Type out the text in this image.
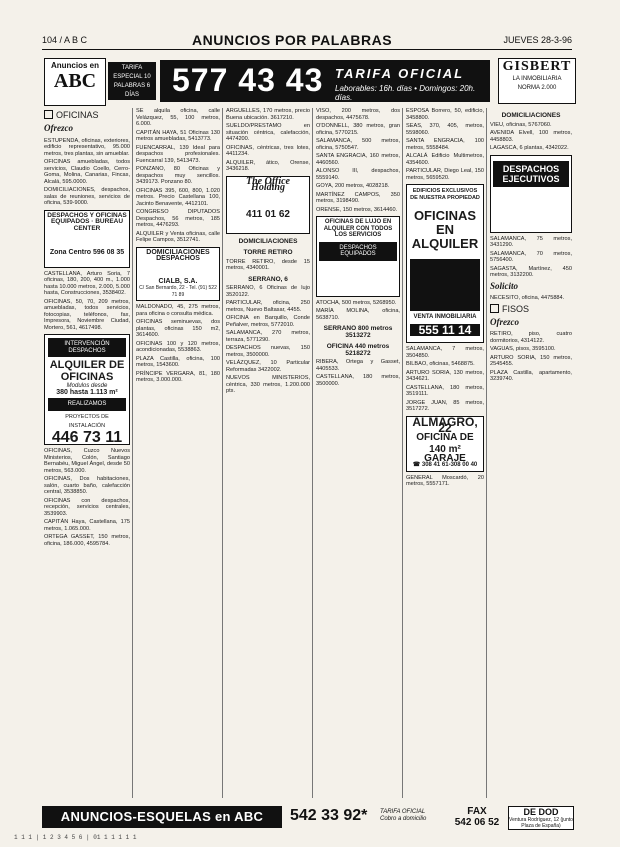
104 / A B C	ANUNCIOS POR PALABRAS	JUEVES 28-3-96
Anuncios en
ABC
TARIFA ESPECIAL 10 PALABRAS 6 DÍAS	577 43 43 TARIFA OFICIAL
Laborables: 16h. días • Domingos: 20h. días.
GISBERT
LA INMOBILIARIA
NORMA 2.000
OFICINAS
Ofrezco

ESTUPENDA, oficinas, exteriores, edificio representativo, 95.000 metros, tres plantas, sin amueblar.

OFICINAS amuebladas, todos servicios, Claudio Coello, Cerro-Goma, Molina, Canarias, Fincas, Alcalá, 595.0000.

DOMICILIACIONES, despachos, salas de reuniones, servicios de oficina, 539-9000.

DESPACHOS Y OFICINAS EQUIPADOS · BUREAU CENTER
Zona Centro 596 08 35

CASTELLANA, Arturo Soria, 7 oficinas, 180, 200, 400 m., 1.000 hasta 10.000 metros, 2.000, 5.000 hasta, Construcciones, 3538402.

OFICINAS, 50, 70, 209 metros, amuebladas, todos servicios, fotocopias, teléfonos, fax, Impresora, Noviembre Ciudad, Mortero, 561, 4617498.

INTERVENCIÓN DESPACHOS
ALQUILER DE OFICINAS
Modulos desde
380 hasta 1.113 m²
REALIZAMOS
PROYECTOS DE INSTALACIÓN
446 73 11

OFICINAS, Cuzco Nuevos Ministerios, Colón, Santiago Bernabéu, Miguel Ángel, desde 50 metros, 563.000.

OFICINAS, Dos habitaciones, salón, cuarto baño, calefacción central, 3538850.

OFICINAS con despachos, recepción, servicios centrales, 3539903.

CAPITÁN Haya, Castellana, 175 metros, 1.065.000.

ORTEGA GASSET, 150 metros, oficina, 186.000, 4595784.

SE alquila oficina, calle Velázquez, 55, 100 metros, 6.000.

CAPITÁN HAYA, 51 Oficinas 130 metros amuebladas, 5413773.

FUENCARRAL, 139 Ideal para despachos profesionales. Fuencarral 139, 5413473.

PONZANO, 80 Oficinas y despachos muy sencillos. 3439173. Ponzano 80.

OFICINAS 395, 600, 800, 1.020 metros. Precio Castellana 100, Jacinto Benavente, 4412101.

CONGRESO DIPUTADOS Despachos, 56 metros, 185 metros, 4476293.

ALQUILER y Venta oficinas, calle Felipe Campos, 3512741.

DOMICILIACIONES DESPACHOS
CIALB, S.A.
C/ San Bernardo, 22 - Tel. (91) 522 71 89

MALDONADO, 45, 275 metros, para oficina o consulta médica.

OFICINAS seminuevas, dos plantas, oficinas 150 m2, 3614600.

OFICINAS 100 y 120 metros, acondicionadas, 5538863.

PLAZA Castilla, oficina, 100 metros, 1543600.

PRÍNCIPE VERGARA, 81, 180 metros, 3.000.000.

ARGUELLES, 170 metros, precio Buena ubicación. 3617210.

SUELDO/PRESTAMO en situación céntrica, calefacción, 4474200.

OFICINAS, céntricas, tres lotes, 4411234.

ALQUILER, ático, Orense, 3436218.

The Office Holding
411 01 62
DOMICILIACIONES
TORRE RETIRO

TORRE RETIRO, desde 15 metros, 4340001.

SERRANO, 6

SERRANO, 6 Oficinas de lujo 3520122.

PARTICULAR, oficina, 250 metros, Nuevo Baltasar, 4455.

OFICINA en Barquillo, Conde Peñalver, metros, 5772010.

SALAMANCA, 270 metros, terraza, 5771290.

DESPACHOS nuevas, 150 metros, 3500000.

VELÁZQUEZ, 10 Particular Reformadas 3422002.

NUEVOS MINISTERIOS, céntrica, 330 metros, 1.200.000 pts.

VISO, 200 metros, dos despachos, 4475678.

O'DONNELL, 380 metros, gran oficina, 5770215.

SALAMANCA, 500 metros, oficina, 5750547.

SANTA ENGRACIA, 160 metros, 4460560.

ALONSO III, despachos, 5559140.

GOYA, 200 metros, 4028218.

MARTÍNEZ CAMPOS, 350 metros, 3198490.

ORENSE, 150 metros, 3614460.

OFICINAS DE LUJO EN ALQUILER CON TODOS LOS SERVICIOS
DESPACHOS EQUIPADOS

ATOCHA, 500 metros, 5268950.

MARÍA MOLINA, oficina, 5638710.

SERRANO 800 metros 3513272
OFICINA 440 metros 5218272

RIBERA, Ortega y Gasset, 4405533.

CASTELLANA, 180 metros, 3500000.

ESPOSA Borrero, 50, edificio, 3458800.

SEAS, 370, 405, metros, 5598060.

SANTA ENGRACIA, 100 metros, 5558484.

ALCALÁ Edificio Multimetros, 4354600.

PARTICULAR, Diego Leal, 150 metros, 5659520.

EDIFICIOS EXCLUSIVOS DE NUESTRA PROPIEDAD
OFICINAS EN ALQUILER
VENTA INMOBILIARIA
555 11 14

SALAMANCA, 7 metros, 3504850.

BILBAO, oficinas, 5468875.

ARTURO SORIA, 130 metros, 3434621.

CASTELLANA, 180 metros, 3519111.

JORGE JUAN, 85 metros, 3517272.

ALMAGRO, 22
OFICINA DE 140 m²
GARAJE
☎ 308 41 61-308 00 40

GENERAL Moscardó, 20 metros, 5557171.

DOMICILIACIONES

VIEU, oficinas, 5767060.

AVENIDA Elvell, 100 metros, 4458803.

LAGASCA, 6 plantas, 4342022.

DESPACHOS EJECUTIVOS

SALAMANCA, 75 metros, 3431290.

SALAMANCA, 70 metros, 5756400.

SAGASTA, Martínez, 450 metros, 3132200.

Solicito

NECESITO, oficina, 4475884.

FISOS
Ofrezco

RETIRO, piso, cuatro dormitorios, 4314122.

VAGUAS, pisos, 3595100.

ARTURO SORIA, 150 metros, 2545455.

PLAZA Castilla, apartamento, 3239740.

ANUNCIOS-ESQUELAS en ABC	542 33 92* TARIFA OFICIAL
Cobro a domicilio
FAX
542 06 52
DE DOD
Ventura Rodríguez, 12 (junto Plaza de España)
1 1 1 | 1 2 3 4 5 6 | 01 1 1 1 1 1
